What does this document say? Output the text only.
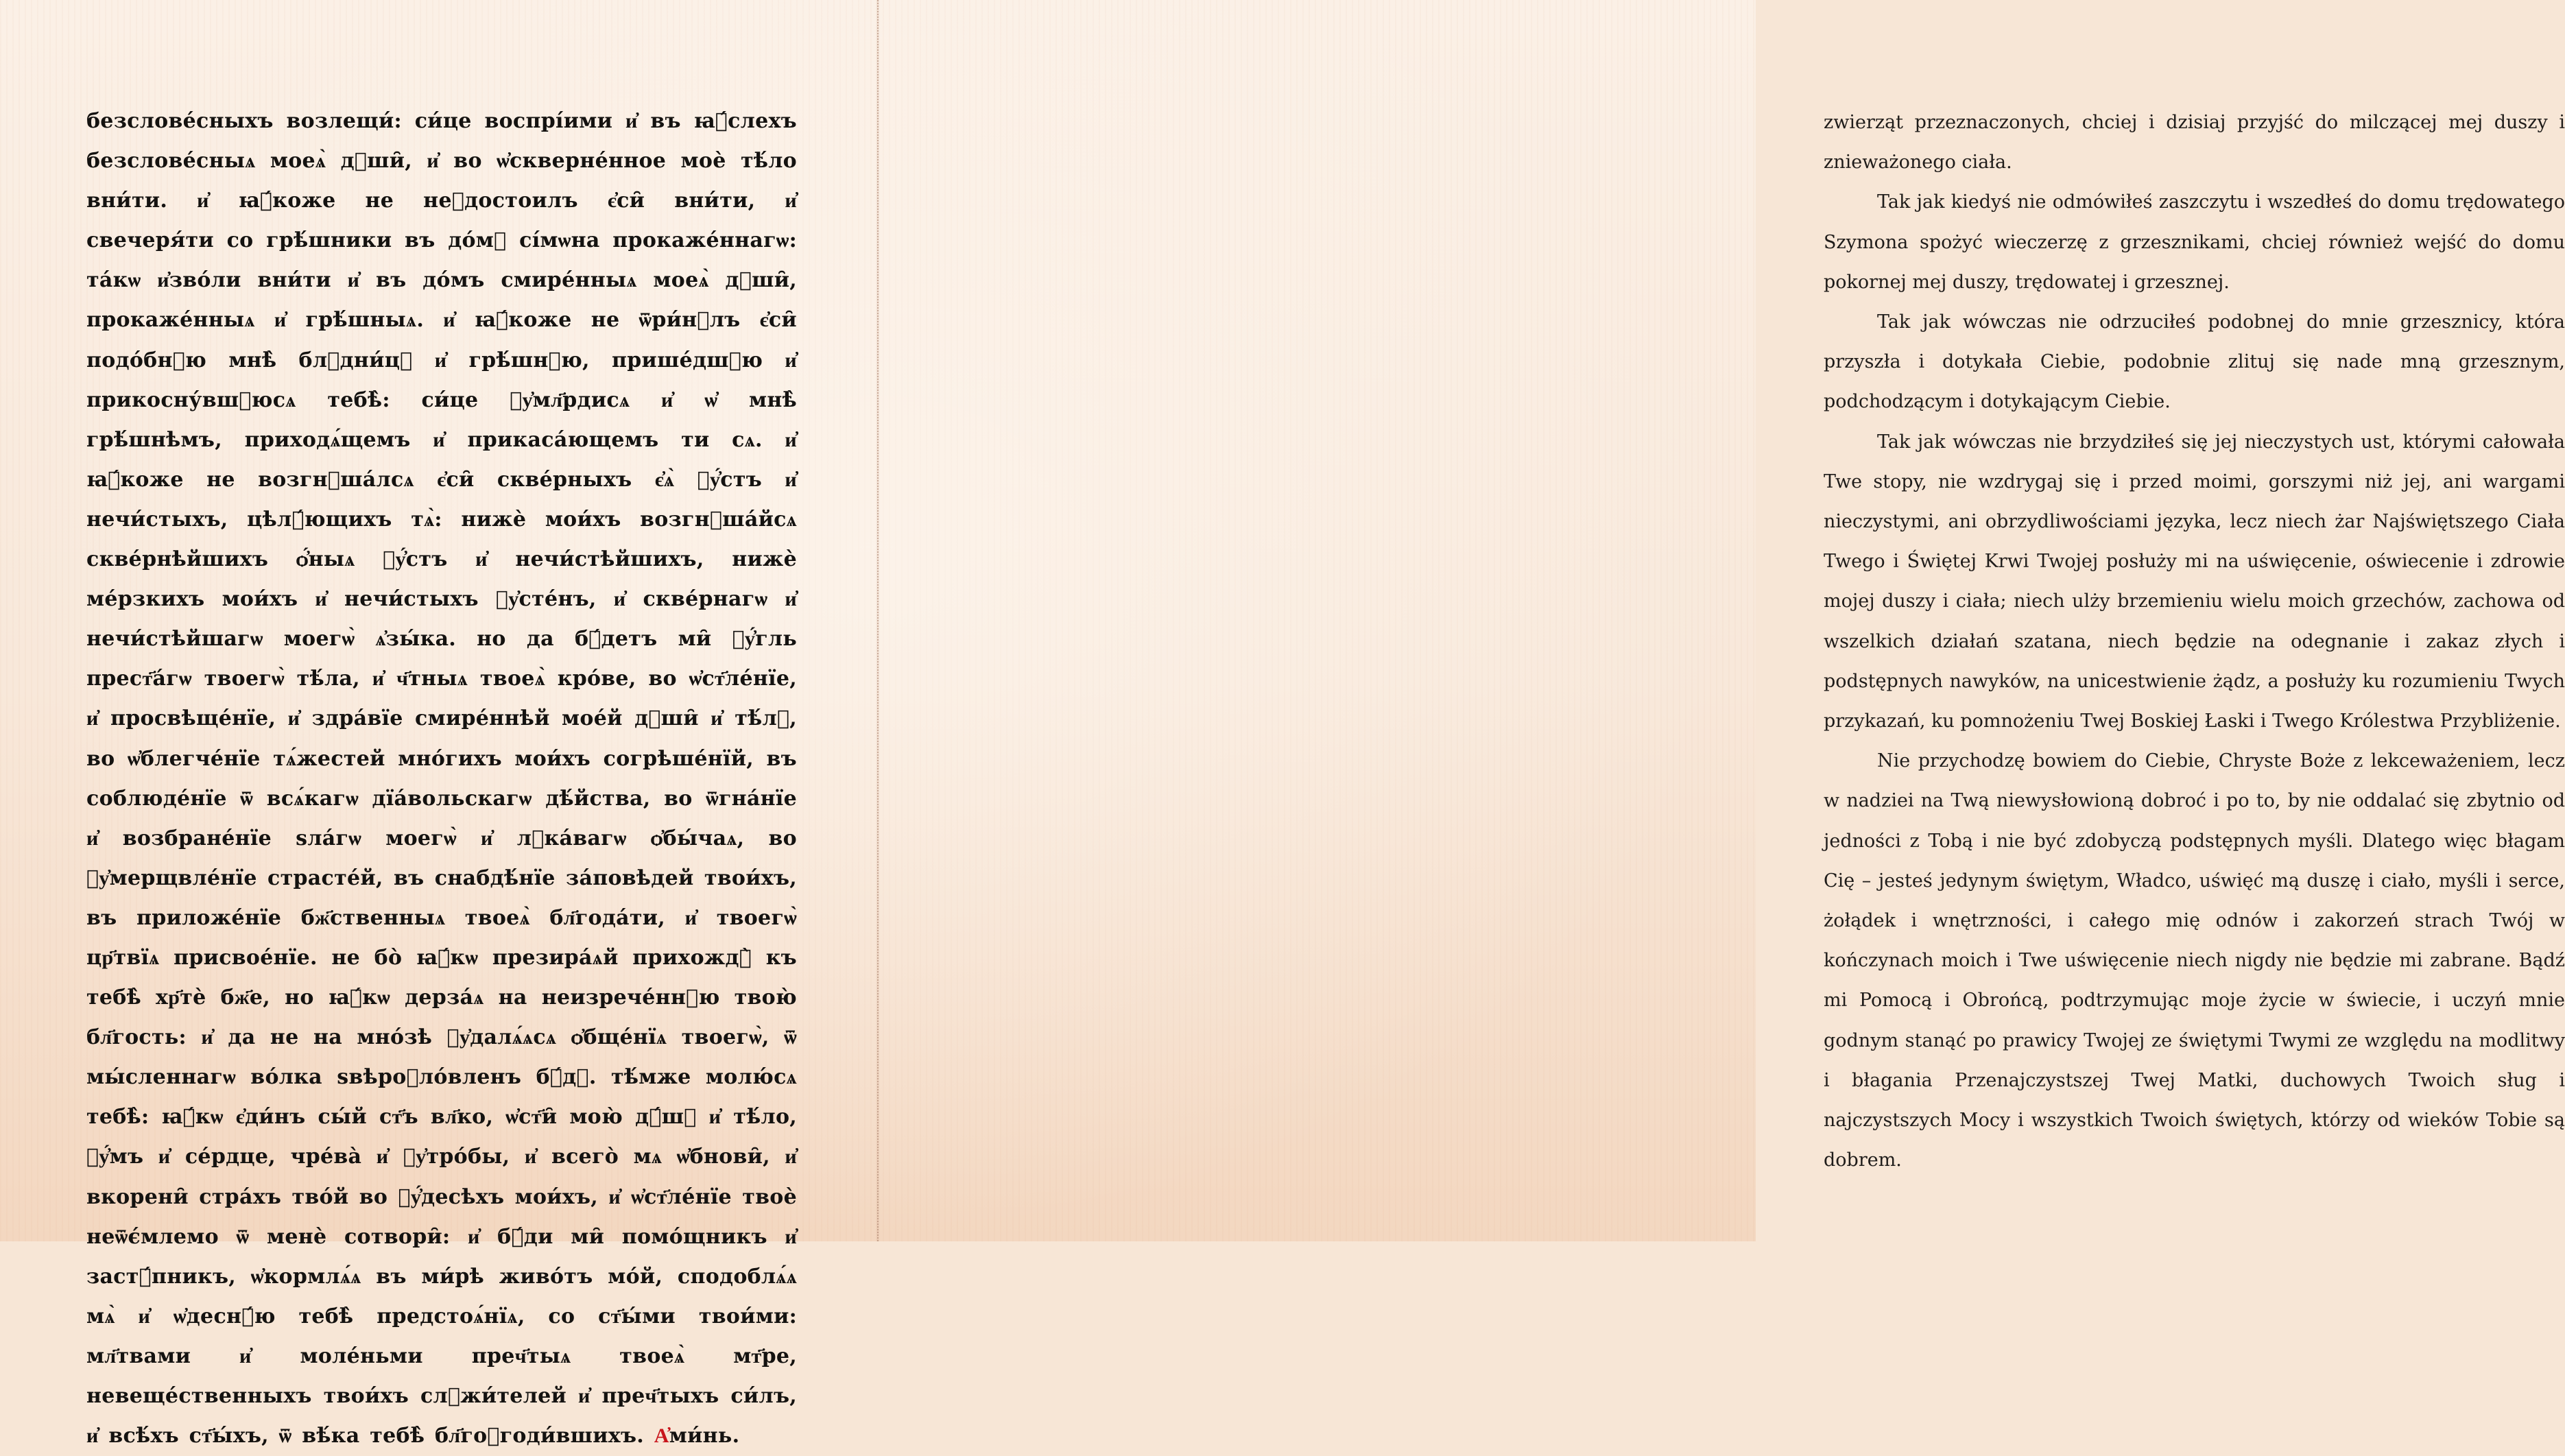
безслове́сныхъ возлещи́: си́це воспрі́ими и҆ въ ꙗ҆́слехъ безслове́сныѧ моеѧ̀ дꙋши̑, и҆ во ѡ҆скверне́нное моѐ тѣ́ло вни́ти. и҆ ꙗ҆́коже не неꙋдостоилъ є҆си̑ вни́ти, и҆ свечеря́ти со грѣ́шники въ до́мꙋ сі́мѡна прокаже́ннагѡ: та́кѡ и҆зво́ли вни́ти и҆ въ до́мъ смире́нныѧ моеѧ̀ дꙋши̑, прокаже́нныѧ и҆ грѣ́шныѧ. и҆ ꙗ҆́коже не ѿри́нꙋлъ є҆си̑ подо́бнꙋю мнѣ̀ блꙋдни́цꙋ и҆ грѣ́шнꙋю, прише́дшꙋю и҆ прикосну́вшꙋюсѧ тебѣ̀: си́це ᲂу҆мл҃рдисѧ и҆ ѡ҆ мнѣ̀ грѣ́шнѣмъ, приходѧ́щемъ и҆ прикаса́ющемъ ти сѧ. и҆ ꙗ҆́коже не возгнꙋша́лсѧ є҆си̑ скве́рныхъ є҆ѧ̀ ᲂу҆́стъ и҆ нечи́стыхъ, цѣлꙋ́ющихъ тѧ̀: нижѐ мои́хъ возгнꙋша́йсѧ скве́рнѣйшихъ ѻ҆́ныѧ ᲂу҆́стъ и҆ нечи́стѣйшихъ, нижѐ ме́рзкихъ мои́хъ и҆ нечи́стыхъ ᲂу҆сте́нъ, и҆ скве́рнагѡ и҆ нечи́стѣйшагѡ моегѡ̀ ѧ҆зы́ка. но да бꙋ́детъ ми̑ ᲂу҆́гль прест҃а́гѡ твоегѡ̀ тѣ́ла, и҆ ч҃тныѧ твоеѧ̀ кро́ве, во ѡ҆ст҃ле́нїе, и҆ просвѣще́нїе, и҆ здра́вїе смире́ннѣй мое́й дꙋши̑ и҆ тѣ́лꙋ, во ѡ҆блегче́нїе тѧ́жестей мно́гихъ мои́хъ согрѣше́нїй, въ соблюде́нїе ѿ всѧ́кагѡ дїа́вольскагѡ дѣ́йства, во ѿгна́нїе и҆ возбране́нїе ѕла́гѡ моегѡ̀ и҆ лꙋка́вагѡ ѻ҆бы́чаѧ, во ᲂу҆мерщвле́нїе страсте́й, въ снабдѣ́нїе за́повѣдей твои́хъ, въ приложе́нїе бж҃ственныѧ твоеѧ̀ бл҃года́ти, и҆ твоегѡ̀ цр҃твїѧ присвое́нїе. не бо̀ ꙗ҆́кѡ презира́ѧй прихождꙋ̀ къ тебѣ̀ хр҃тѐ бж҃е, но ꙗ҆́кѡ дерза́ѧ на неизрече́ннꙋю твою̀ бл҃гость: и҆ да не на мно́зѣ ᲂу҆далѧ́ѧсѧ ѻ҆бще́нїѧ твоегѡ̀, ѿ мы́сленнагѡ во́лка ѕвѣроꙋло́вленъ бꙋ́дꙋ. тѣ́мже молю́сѧ тебѣ̀: ꙗ҆́кѡ є҆ди́нъ сы́й ст҃ъ вл҃ко, ѡ҆ст҃и̑ мою̀ дꙋ́шꙋ и҆ тѣ́ло, ᲂу҆́мъ и҆ се́рдце, чре́ва̀ и҆ ᲂу҆тро́бы, и҆ всего̀ мѧ ѡ҆бнови̑, и҆ вкорени̑ стра́хъ тво́й во ᲂу҆́десѣхъ мои́хъ, и҆ ѡ҆ст҃ле́нїе твоѐ неѿє́млемо ѿ менѐ сотвори̑: и҆ бꙋ́ди ми̑ помо́щникъ и҆ застꙋ́пникъ, ѡ҆кормлѧ́ѧ въ ми́рѣ живо́тъ мо́й, сподоблѧ́ѧ мѧ̀ и҆ ѡ҆деснꙋ́ю тебѣ̀ предстоѧ́нїѧ, со ст҃ы́ми твои́ми: мл҃твами и҆ моле́ньми преч҃тыѧ твоеѧ̀ мт҃ре, невеще́ственныхъ твои́хъ слꙋжи́телей и҆ преч҃тыхъ си́лъ, и҆ всѣ́хъ ст҃ы́хъ, ѿ вѣ́ка тебѣ̀ бл҃гоꙋгоди́вшихъ. А҆ми́нь.

zwierząt przeznaczonych, chciej i dzisiaj przyjść do milczącej mej duszy i znieważonego ciała.

Tak jak kiedyś nie odmówiłeś zaszczytu i wszedłeś do domu trędowatego Szymona spożyć wieczerzę z grzesznikami, chciej również wejść do domu pokornej mej duszy, trędowatej i grzesznej.

Tak jak wówczas nie odrzuciłeś podobnej do mnie grzesznicy, która przyszła i dotykała Ciebie, podobnie zlituj się nade mną grzesznym, podchodzącym i dotykającym Ciebie.

Tak jak wówczas nie brzydziłeś się jej nieczystych ust, którymi całowała Twe stopy, nie wzdrygaj się i przed moimi, gorszymi niż jej, ani wargami nieczystymi, ani obrzydliwościami języka, lecz niech żar Najświętszego Ciała Twego i Świętej Krwi Twojej posłuży mi na uświęcenie, oświecenie i zdrowie mojej duszy i ciała; niech ulży brzemieniu wielu moich grzechów, zachowa od wszelkich działań szatana, niech będzie na odegnanie i zakaz złych i podstępnych nawyków, na unicestwienie żądz, a posłuży ku rozumieniu Twych przykazań, ku pomnożeniu Twej Boskiej Łaski i Twego Królestwa Przybliżenie.

Nie przychodzę bowiem do Ciebie, Chryste Boże z lekceważeniem, lecz w nadziei na Twą niewysłowioną dobroć i po to, by nie oddalać się zbytnio od jedności z Tobą i nie być zdobyczą podstępnych myśli. Dlatego więc błagam Cię – jesteś jedynym świętym, Władco, uświęć mą duszę i ciało, myśli i serce, żołądek i wnętrzności, i całego mię odnów i zakorzeń strach Twój w kończynach moich i Twe uświęcenie niech nigdy nie będzie mi zabrane. Bądź mi Pomocą i Obrońcą, podtrzymując moje życie w świecie, i uczyń mnie godnym stanąć po prawicy Twojej ze świętymi Twymi ze względu na modlitwy i błagania Przenajczystszej Twej Matki, duchowych Twoich sług i najczystszych Mocy i wszystkich Twoich świętych, którzy od wieków Tobie są dobrem.
